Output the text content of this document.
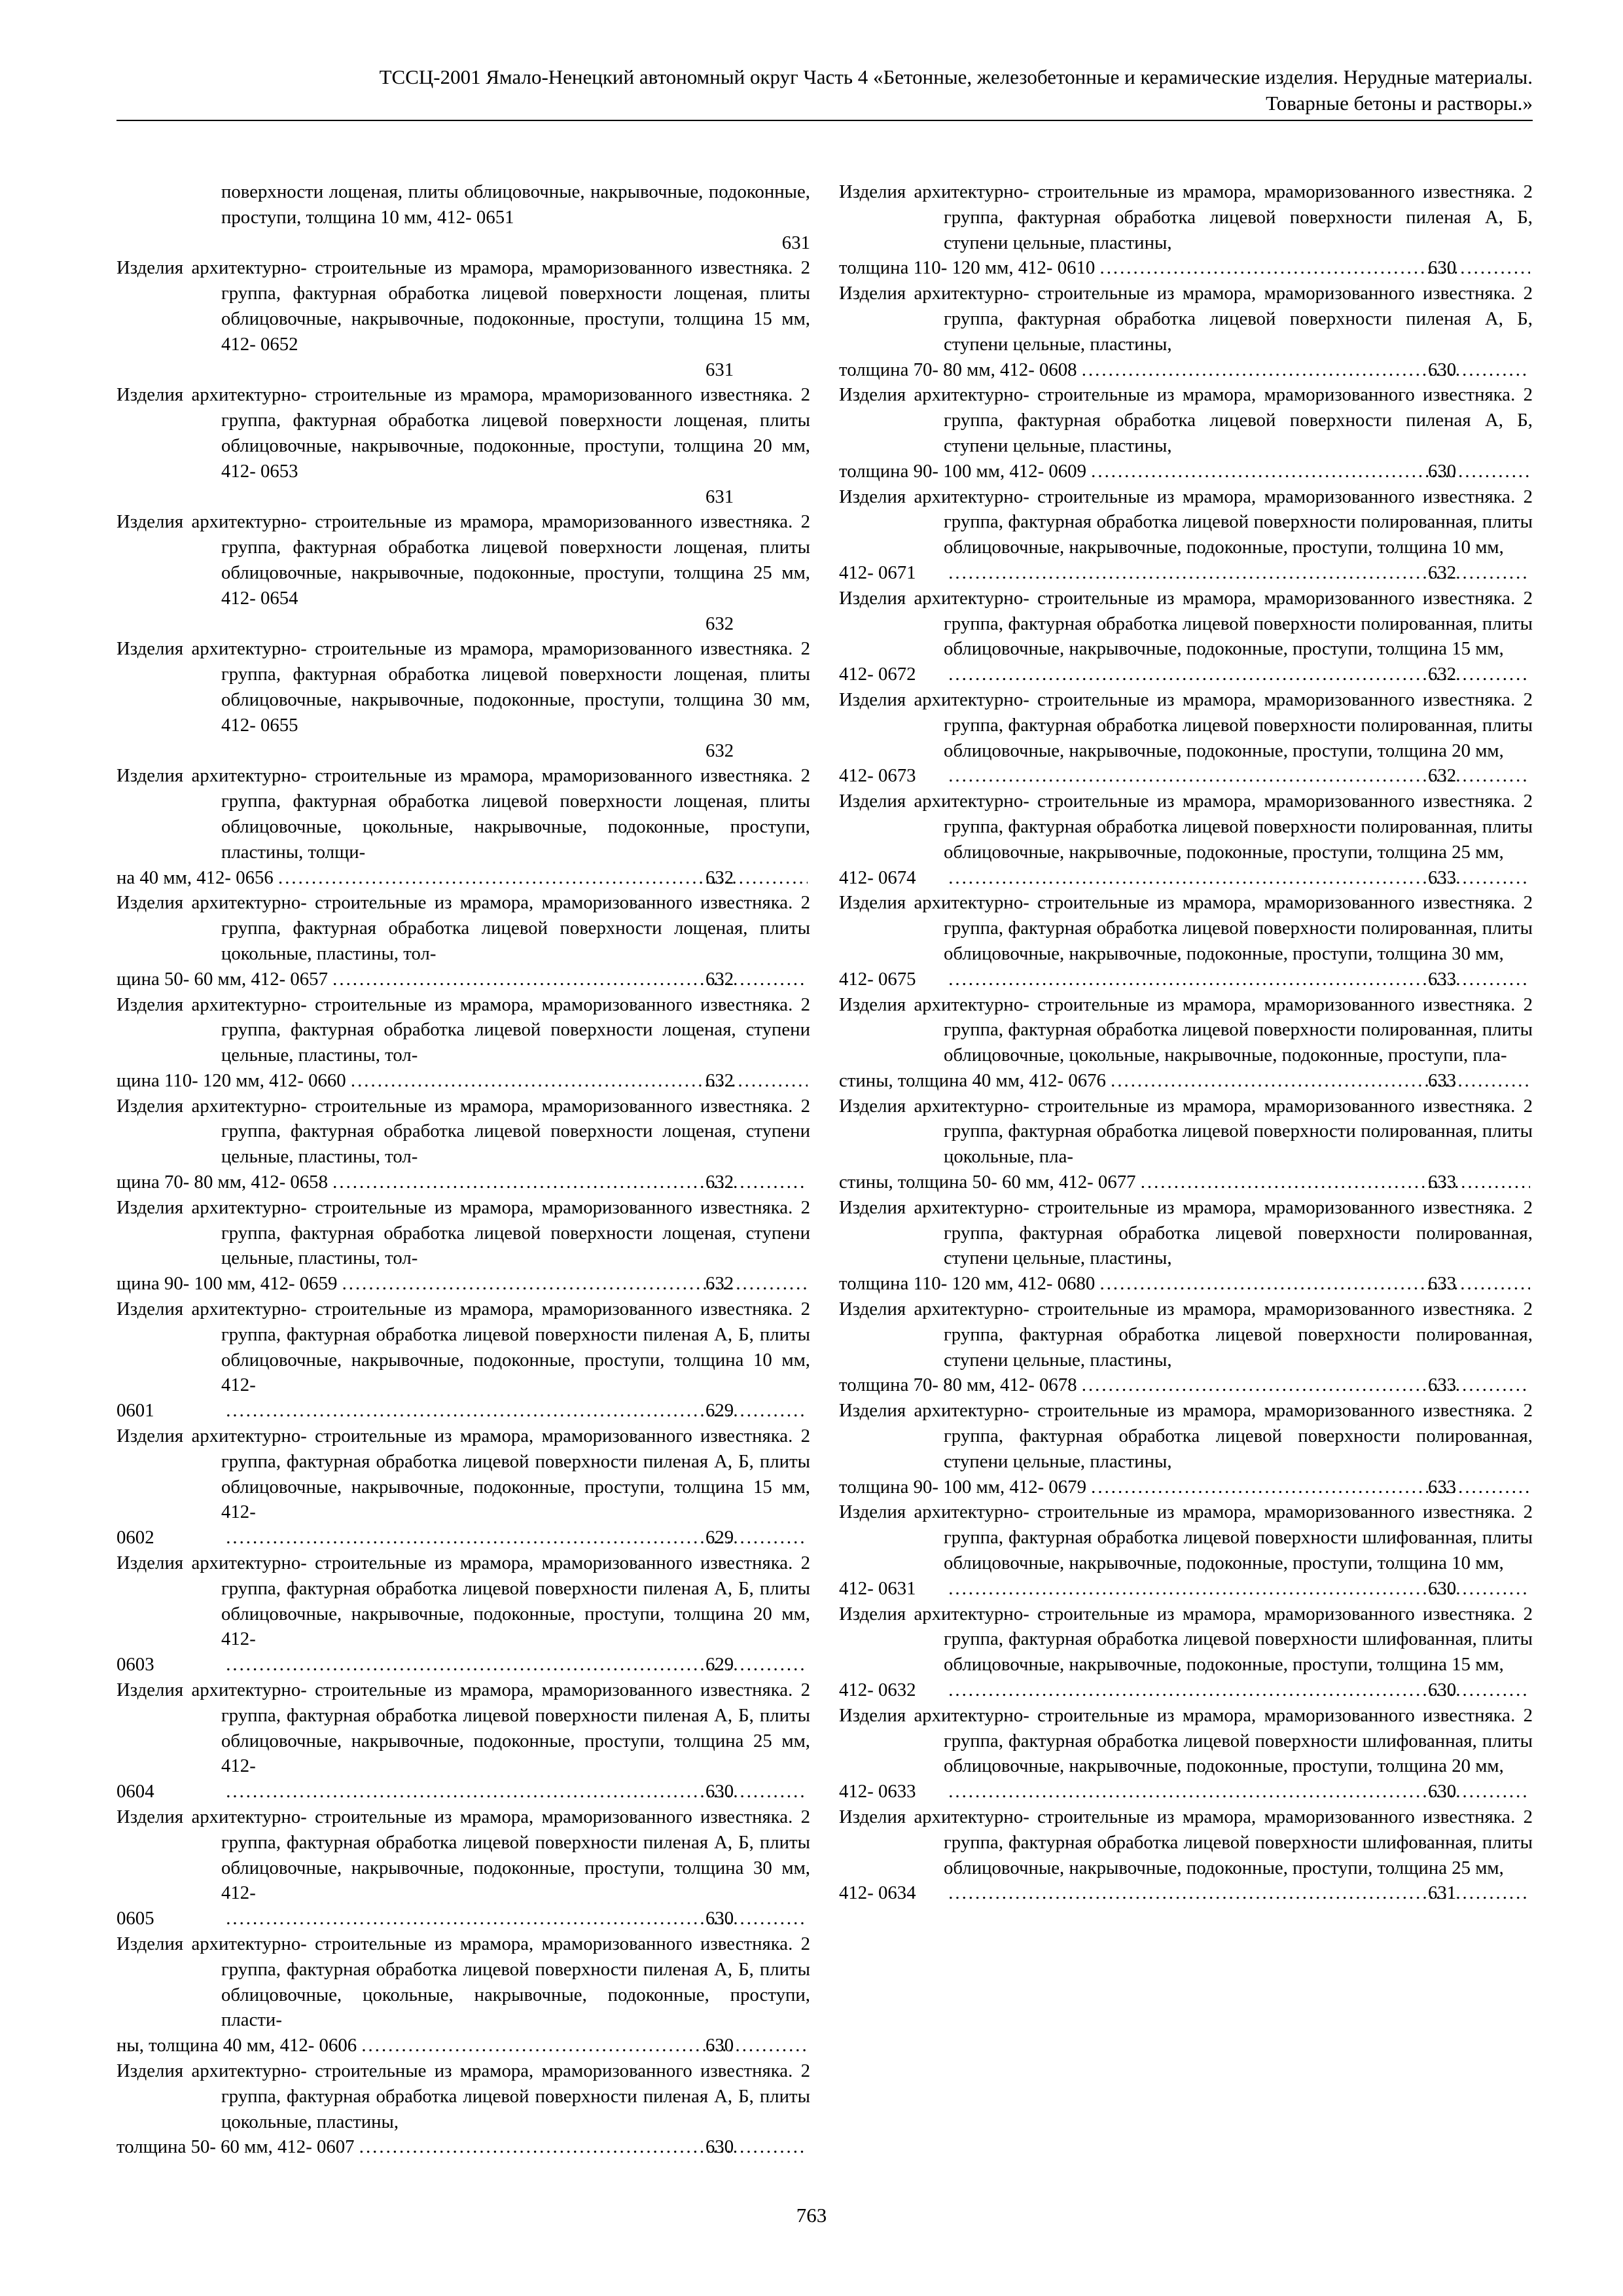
ТССЦ-2001 Ямало-Ненецкий автономный округ Часть 4 «Бетонные, железобетонные и керамические изделия. Нерудные материалы.
Товарные бетоны и растворы.»
поверхности лощеная, плиты облицовочные, накрывочные, подоконные, проступи, толщина 10 мм, 412- 0651
631
Изделия архитектурно- строительные из мрамора, мраморизованного известняка. 2 группа, фактурная обработка лицевой поверхности лощеная, плиты облицовочные, накрывочные, подоконные, проступи, толщина 15 мм, 412- 0652
631
Изделия архитектурно- строительные из мрамора, мраморизованного известняка. 2 группа, фактурная обработка лицевой поверхности лощеная, плиты облицовочные, накрывочные, подоконные, проступи, толщина 20 мм, 412- 0653
631
Изделия архитектурно- строительные из мрамора, мраморизованного известняка. 2 группа, фактурная обработка лицевой поверхности лощеная, плиты облицовочные, накрывочные, подоконные, проступи, толщина 25 мм, 412- 0654
632
Изделия архитектурно- строительные из мрамора, мраморизованного известняка. 2 группа, фактурная обработка лицевой поверхности лощеная, плиты облицовочные, накрывочные, подоконные, проступи, толщина 30 мм, 412- 0655
632
Изделия архитектурно- строительные из мрамора, мраморизованного известняка. 2 группа, фактурная обработка лицевой поверхности лощеная, плиты облицовочные, цокольные, накрывочные, подоконные, проступи, пластины, толщи-
на 40 мм, 412- 0656 .....	632
Изделия архитектурно- строительные из мрамора, мраморизованного известняка. 2 группа, фактурная обработка лицевой поверхности лощеная, плиты цокольные, пластины, тол-
щина 50- 60 мм, 412- 0657 .....	632
Изделия архитектурно- строительные из мрамора, мраморизованного известняка. 2 группа, фактурная обработка лицевой поверхности лощеная, ступени цельные, пластины, тол-
щина 110- 120 мм, 412- 0660 .....	632
Изделия архитектурно- строительные из мрамора, мраморизованного известняка. 2 группа, фактурная обработка лицевой поверхности лощеная, ступени цельные, пластины, тол-
щина 70- 80 мм, 412- 0658 .....	632
Изделия архитектурно- строительные из мрамора, мраморизованного известняка. 2 группа, фактурная обработка лицевой поверхности лощеная, ступени цельные, пластины, тол-
щина 90- 100 мм, 412- 0659 .....	632
Изделия архитектурно- строительные из мрамора, мраморизованного известняка. 2 группа, фактурная обработка лицевой поверхности пиленая А, Б, плиты облицовочные, накрывочные, подоконные, проступи, толщина 10 мм, 412-
0601 .....	629
Изделия архитектурно- строительные из мрамора, мраморизованного известняка. 2 группа, фактурная обработка лицевой поверхности пиленая А, Б, плиты облицовочные, накрывочные, подоконные, проступи, толщина 15 мм, 412-
0602 .....	629
Изделия архитектурно- строительные из мрамора, мраморизованного известняка. 2 группа, фактурная обработка лицевой поверхности пиленая А, Б, плиты облицовочные, накрывочные, подоконные, проступи, толщина 20 мм, 412-
0603 .....	629
Изделия архитектурно- строительные из мрамора, мраморизованного известняка. 2 группа, фактурная обработка лицевой поверхности пиленая А, Б, плиты облицовочные, накрывочные, подоконные, проступи, толщина 25 мм, 412-
0604 .....	630
Изделия архитектурно- строительные из мрамора, мраморизованного известняка. 2 группа, фактурная обработка лицевой поверхности пиленая А, Б, плиты облицовочные, накрывочные, подоконные, проступи, толщина 30 мм, 412-
0605 .....	630
Изделия архитектурно- строительные из мрамора, мраморизованного известняка. 2 группа, фактурная обработка лицевой поверхности пиленая А, Б, плиты облицовочные, цокольные, накрывочные, подоконные, проступи, пласти-
ны, толщина 40 мм, 412- 0606 .....	630
Изделия архитектурно- строительные из мрамора, мраморизованного известняка. 2 группа, фактурная обработка лицевой поверхности пиленая А, Б, плиты цокольные, пластины,
толщина 50- 60 мм, 412- 0607 .....	630
Изделия архитектурно- строительные из мрамора, мраморизованного известняка. 2 группа, фактурная обработка лицевой поверхности пиленая А, Б, ступени цельные, пластины,
толщина 110- 120 мм, 412- 0610 .....	630
Изделия архитектурно- строительные из мрамора, мраморизованного известняка. 2 группа, фактурная обработка лицевой поверхности пиленая А, Б, ступени цельные, пластины,
толщина 70- 80 мм, 412- 0608 .....	630
Изделия архитектурно- строительные из мрамора, мраморизованного известняка. 2 группа, фактурная обработка лицевой поверхности пиленая А, Б, ступени цельные, пластины,
толщина 90- 100 мм, 412- 0609 .....	630
Изделия архитектурно- строительные из мрамора, мраморизованного известняка. 2 группа, фактурная обработка лицевой поверхности полированная, плиты облицовочные, накрывочные, подоконные, проступи, толщина 10 мм,
412- 0671 .....	632
Изделия архитектурно- строительные из мрамора, мраморизованного известняка. 2 группа, фактурная обработка лицевой поверхности полированная, плиты облицовочные, накрывочные, подоконные, проступи, толщина 15 мм,
412- 0672 .....	632
Изделия архитектурно- строительные из мрамора, мраморизованного известняка. 2 группа, фактурная обработка лицевой поверхности полированная, плиты облицовочные, накрывочные, подоконные, проступи, толщина 20 мм,
412- 0673 .....	632
Изделия архитектурно- строительные из мрамора, мраморизованного известняка. 2 группа, фактурная обработка лицевой поверхности полированная, плиты облицовочные, накрывочные, подоконные, проступи, толщина 25 мм,
412- 0674 .....	633
Изделия архитектурно- строительные из мрамора, мраморизованного известняка. 2 группа, фактурная обработка лицевой поверхности полированная, плиты облицовочные, накрывочные, подоконные, проступи, толщина 30 мм,
412- 0675 .....	633
Изделия архитектурно- строительные из мрамора, мраморизованного известняка. 2 группа, фактурная обработка лицевой поверхности полированная, плиты облицовочные, цокольные, накрывочные, подоконные, проступи, пла-
стины, толщина 40 мм, 412- 0676 .....	633
Изделия архитектурно- строительные из мрамора, мраморизованного известняка. 2 группа, фактурная обработка лицевой поверхности полированная, плиты цокольные, пла-
стины, толщина 50- 60 мм, 412- 0677 .....	633
Изделия архитектурно- строительные из мрамора, мраморизованного известняка. 2 группа, фактурная обработка лицевой поверхности полированная, ступени цельные, пластины,
толщина 110- 120 мм, 412- 0680 .....	633
Изделия архитектурно- строительные из мрамора, мраморизованного известняка. 2 группа, фактурная обработка лицевой поверхности полированная, ступени цельные, пластины,
толщина 70- 80 мм, 412- 0678 .....	633
Изделия архитектурно- строительные из мрамора, мраморизованного известняка. 2 группа, фактурная обработка лицевой поверхности полированная, ступени цельные, пластины,
толщина 90- 100 мм, 412- 0679 .....	633
Изделия архитектурно- строительные из мрамора, мраморизованного известняка. 2 группа, фактурная обработка лицевой поверхности шлифованная, плиты облицовочные, накрывочные, подоконные, проступи, толщина 10 мм,
412- 0631 .....	630
Изделия архитектурно- строительные из мрамора, мраморизованного известняка. 2 группа, фактурная обработка лицевой поверхности шлифованная, плиты облицовочные, накрывочные, подоконные, проступи, толщина 15 мм,
412- 0632 .....	630
Изделия архитектурно- строительные из мрамора, мраморизованного известняка. 2 группа, фактурная обработка лицевой поверхности шлифованная, плиты облицовочные, накрывочные, подоконные, проступи, толщина 20 мм,
412- 0633 .....	630
Изделия архитектурно- строительные из мрамора, мраморизованного известняка. 2 группа, фактурная обработка лицевой поверхности шлифованная, плиты облицовочные, накрывочные, подоконные, проступи, толщина 25 мм,
412- 0634 .....	631
763
